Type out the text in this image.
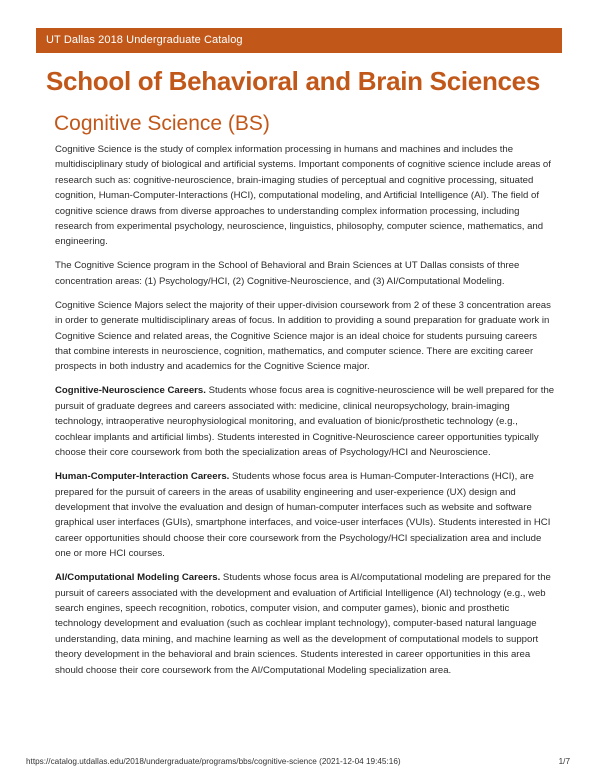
UT Dallas 2018 Undergraduate Catalog
School of Behavioral and Brain Sciences
Cognitive Science (BS)

Cognitive Science is the study of complex information processing in humans and machines and includes the multidisciplinary study of biological and artificial systems. Important components of cognitive science include areas of research such as: cognitive-neuroscience, brain-imaging studies of perceptual and cognitive processing, situated cognition, Human-Computer-Interactions (HCI), computational modeling, and Artificial Intelligence (AI). The field of cognitive science draws from diverse approaches to understanding complex information processing, including research from experimental psychology, neuroscience, linguistics, philosophy, computer science, mathematics, and engineering.

The Cognitive Science program in the School of Behavioral and Brain Sciences at UT Dallas consists of three concentration areas: (1) Psychology/HCI, (2) Cognitive-Neuroscience, and (3) AI/Computational Modeling.

Cognitive Science Majors select the majority of their upper-division coursework from 2 of these 3 concentration areas in order to generate multidisciplinary areas of focus. In addition to providing a sound preparation for graduate work in Cognitive Science and related areas, the Cognitive Science major is an ideal choice for students pursuing careers that combine interests in neuroscience, cognition, mathematics, and computer science. There are exciting career prospects in both industry and academics for the Cognitive Science major.

Cognitive-Neuroscience Careers. Students whose focus area is cognitive-neuroscience will be well prepared for the pursuit of graduate degrees and careers associated with: medicine, clinical neuropsychology, brain-imaging technology, intraoperative neurophysiological monitoring, and evaluation of bionic/prosthetic technology (e.g., cochlear implants and artificial limbs). Students interested in Cognitive-Neuroscience career opportunities typically choose their core coursework from both the specialization areas of Psychology/HCI and Neuroscience.

Human-Computer-Interaction Careers. Students whose focus area is Human-Computer-Interactions (HCI), are prepared for the pursuit of careers in the areas of usability engineering and user-experience (UX) design and development that involve the evaluation and design of human-computer interfaces such as website and software graphical user interfaces (GUIs), smartphone interfaces, and voice-user interfaces (VUIs). Students interested in HCI career opportunities should choose their core coursework from the Psychology/HCI specialization area and include one or more HCI courses.

AI/Computational Modeling Careers. Students whose focus area is AI/computational modeling are prepared for the pursuit of careers associated with the development and evaluation of Artificial Intelligence (AI) technology (e.g., web search engines, speech recognition, robotics, computer vision, and computer games), bionic and prosthetic technology development and evaluation (such as cochlear implant technology), computer-based natural language understanding, data mining, and machine learning as well as the development of computational models to support theory development in the behavioral and brain sciences. Students interested in career opportunities in this area should choose their core coursework from the AI/Computational Modeling specialization area.

https://catalog.utdallas.edu/2018/undergraduate/programs/bbs/cognitive-science (2021-12-04 19:45:16)	1/7
